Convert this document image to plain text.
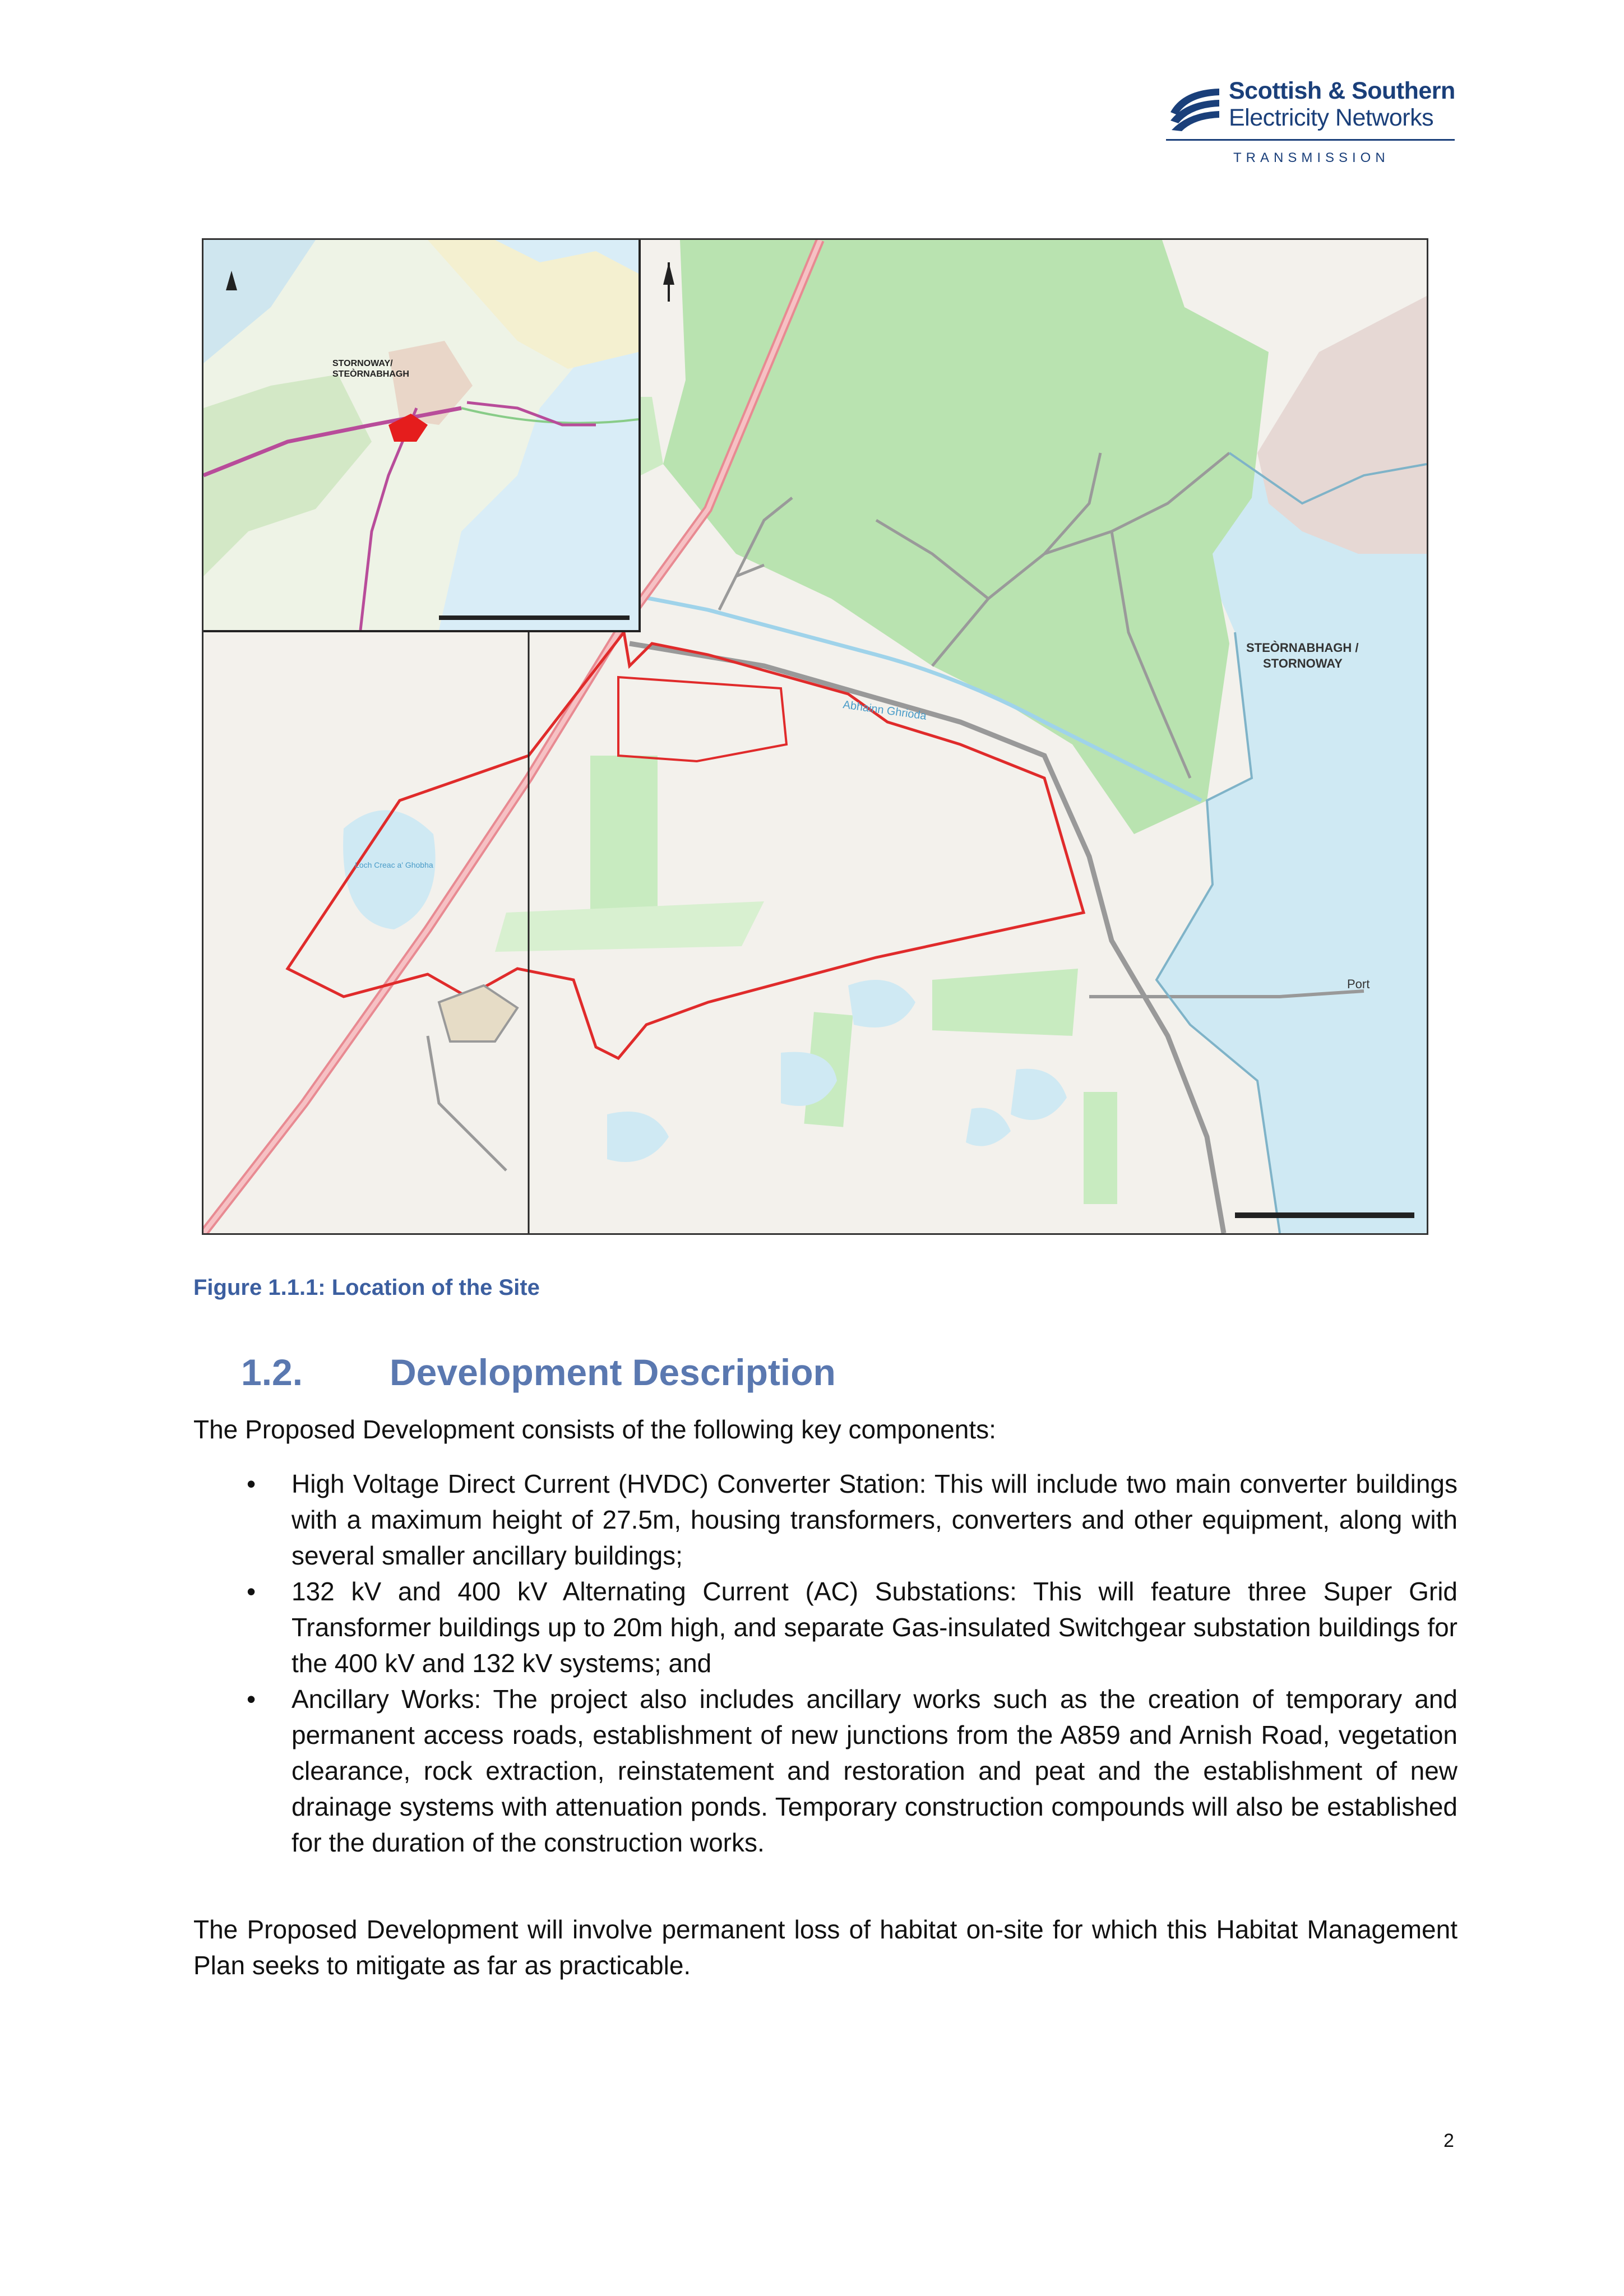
Scottish & Southern
Electricity Networks
TRANSMISSION
STEÒRNABHAGH /
STORNOWAY
Abhainn Ghrioda
Port
Loch Creac a' Ghobha
STORNOWAY/
STEÒRNABHAGH
Figure 1.1.1: Location of the Site
1.2. Development Description
The Proposed Development consists of the following key components:
• High Voltage Direct Current (HVDC) Converter Station: This will include two main converter buildings with a maximum height of 27.5m, housing transformers, converters and other equipment, along with several smaller ancillary buildings;
• 132 kV and 400 kV Alternating Current (AC) Substations: This will feature three Super Grid Transformer buildings up to 20m high, and separate Gas-insulated Switchgear substation buildings for the 400 kV and 132 kV systems; and
• Ancillary Works: The project also includes ancillary works such as the creation of temporary and permanent access roads, establishment of new junctions from the A859 and Arnish Road, vegetation clearance, rock extraction, reinstatement and restoration and peat and the establishment of new drainage systems with attenuation ponds. Temporary construction compounds will also be established for the duration of the construction works.
The Proposed Development will involve permanent loss of habitat on-site for which this Habitat Management Plan seeks to mitigate as far as practicable.
2
